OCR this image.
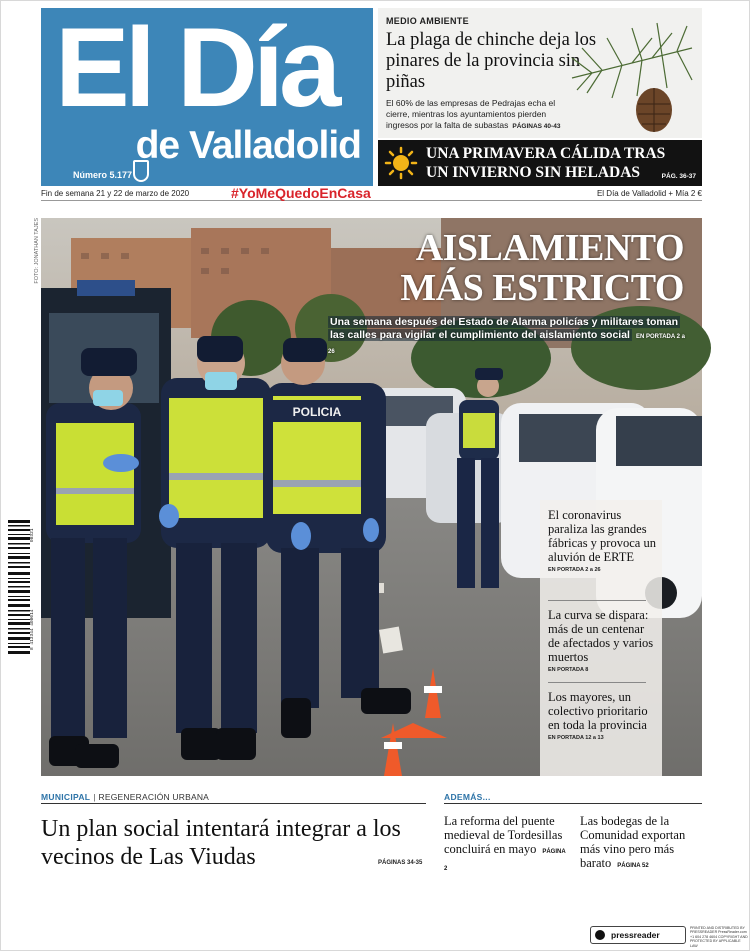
El Día
de Valladolid
Número 5.177
MEDIO AMBIENTE
La plaga de chinche deja los pinares de la provincia sin piñas
El 60% de las empresas de Pedrajas echa el cierre, mientras los ayuntamientos pierden ingresos por la falta de subastas PÁGINAS 40-43
UNA PRIMAVERA CÁLIDA TRAS UN INVIERNO SIN HELADAS	PÁG. 36-37
Fin de semana 21 y 22 de marzo de 2020	#YoMeQuedoEnCasa	El Día de Valladolid + Mía 2 €
FOTO: JONATHAN TAJES
POLICIA
AISLAMIENTO MÁS ESTRICTO
Una semana después del Estado de Alarma policías y militares toman las calles para vigilar el cumplimiento del aislamiento social EN PORTADA 2 a 26
El coronavirus paraliza las grandes fábricas y provoca un aluvión de ERTE
EN PORTADA 2 a 26
La curva se dispara: más de un centenar de afectados y varios muertos
EN PORTADA 8
Los mayores, un colectivo prioritario en toda la provincia
EN PORTADA 12 a 13
8 413344 400014
00321
MUNICIPAL | REGENERACIÓN URBANA
Un plan social intentará integrar a los vecinos de Las Viudas	PÁGINAS 34-35
ADEMÁS...
La reforma del puente medieval de Tordesillas concluirá en mayo PÁGINA 2
Las bodegas de la Comunidad exportan más vino pero más barato PÁGINA 52
pressreader
PRINTED AND DISTRIBUTED BY PRESSREADER PressReader.com +1 604 278 4604 COPYRIGHT AND PROTECTED BY APPLICABLE LAW
